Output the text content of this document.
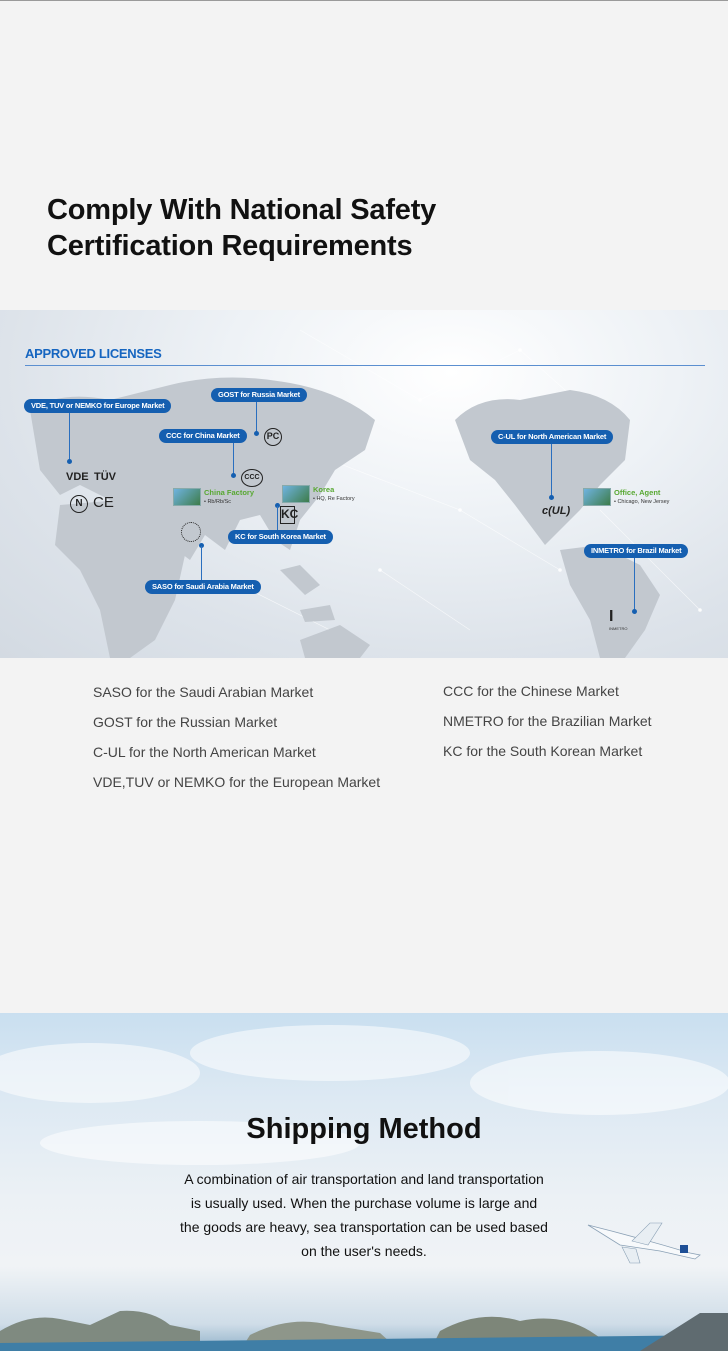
Comply With National Safety
Certification Requirements
APPROVED LICENSES
VDE, TUV or NEMKO for Europe Market
VDE TÜV
N CE
GOST for Russia Market
PC
CCC for China Market
CCC
China Factory
• Rb/Rb/Sc
Korea
• HQ, Re Factory
KC
KC for South Korea Market
SASO for Saudi Arabia Market
C-UL for North American Market
c(UL)
Office, Agent
• Chicago, New Jersey
INMETRO for Brazil Market
I
INMETRO
SASO for the Saudi Arabian Market
GOST for the Russian Market
C-UL for the North American Market
VDE,TUV or NEMKO for the European Market
CCC for the Chinese Market
NMETRO for the Brazilian Market
KC for the South Korean Market
Shipping Method

A combination of air transportation and land transportation is usually used. When the purchase volume is large and the goods are heavy, sea transportation can be used based on the user's needs.
